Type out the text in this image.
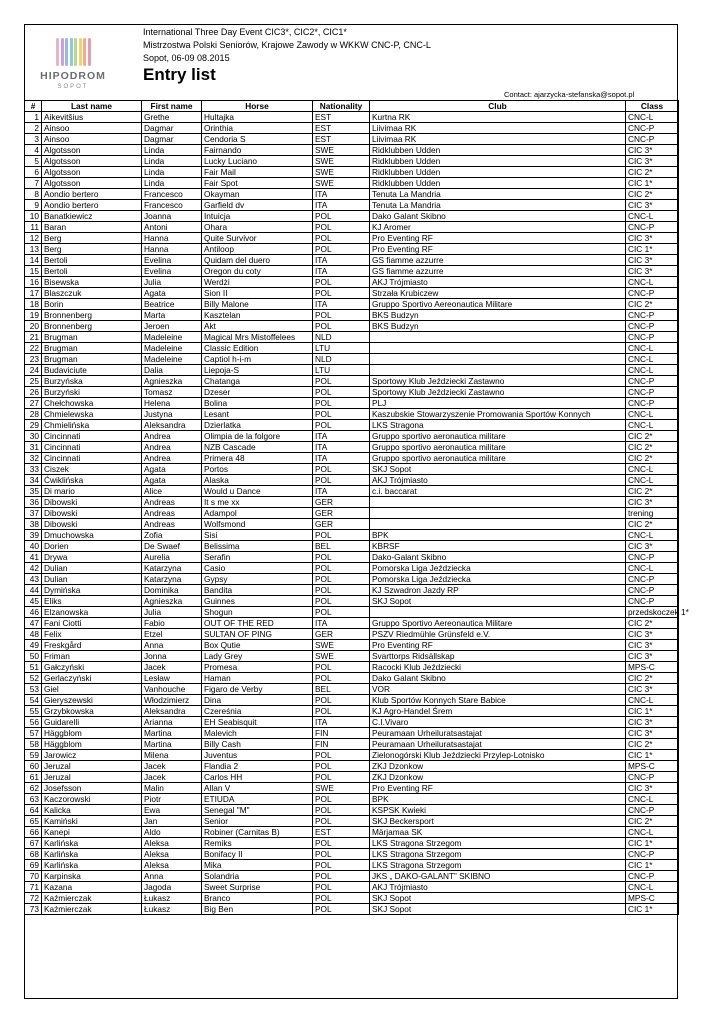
HIPODROM
SOPOT
International Three Day Event CIC3*, CIC2*, CIC1*
Mistrzostwa Polski Seniorów, Krajowe Zawody w WKKW CNC-P, CNC-L
Sopot, 06-09 08.2015
Entry list
Contact: ajarzycka-stefanska@sopot.pl
#	Last name	First name	Horse	Nationality	Club	Class
1	Aikevitšius	Grethe	Hultajka	EST	Kurtna RK	CNC-L
2	Ainsoo	Dagmar	Orinthia	EST	Liivimaa RK	CNC-P
3	Ainsoo	Dagmar	Cendoria S	EST	Liivimaa RK	CNC-P
4	Algotsson	Linda	Fairnando	SWE	Ridklubben Udden	CIC 3*
5	Algotsson	Linda	Lucky Luciano	SWE	Ridklubben Udden	CIC 3*
6	Algotsson	Linda	Fair Mail	SWE	Ridklubben Udden	CIC 2*
7	Algotsson	Linda	Fair Spot	SWE	Ridklubben Udden	CIC 1*
8	Aondio bertero	Francesco	Okayman	ITA	Tenuta La Mandria	CIC 2*
9	Aondio bertero	Francesco	Garfield dv	ITA	Tenuta La Mandria	CIC 3*
10	Banatkiewicz	Joanna	Intuicja	POL	Dako Galant Skibno	CNC-L
11	Baran	Antoni	Ohara	POL	KJ Aromer	CNC-P
12	Berg	Hanna	Quite Survivor	POL	Pro Eventing RF	CIC 3*
13	Berg	Hanna	Antiloop	POL	Pro Eventing RF	CIC 1*
14	Bertoli	Evelina	Quidam del duero	ITA	GS fiamme azzurre	CIC 3*
15	Bertoli	Evelina	Oregon du coty	ITA	GS fiamme azzurre	CIC 3*
16	Bisewska	Julia	Werdżi	POL	AKJ Trójmiasto	CNC-L
17	Blaszczuk	Agata	Sion II	POL	Strzała Krubiczew	CNC-P
18	Borin	Beatrice	Billy Malone	ITA	Gruppo Sportivo Aereonautica Militare	CIC 2*
19	Bronnenberg	Marta	Kasztelan	POL	BKS Budzyn	CNC-P
20	Bronnenberg	Jeroen	Akt	POL	BKS Budzyn	CNC-P
21	Brugman	Madeleine	Magical Mrs Mistoffelees	NLD		CNC-P
22	Brugman	Madeleine	Classic Edition	LTU		CNC-L
23	Brugman	Madeleine	Captiol h-i-m	NLD		CNC-L
24	Budaviciute	Dalia	Liepoja-S	LTU		CNC-L
25	Burzyńska	Agnieszka	Chatanga	POL	Sportowy Klub Jeździecki Zastawno	CNC-P
26	Burzyński	Tomasz	Dzeser	POL	Sportowy Klub Jeździecki Zastawno	CNC-P
27	Chełchowska	Helena	Bolina	POL	PLJ	CNC-P
28	Chmielewska	Justyna	Lesant	POL	Kaszubskie Stowarzyszenie Promowania Sportów Konnych	CNC-L
29	Chmielińska	Aleksandra	Dzierlatka	POL	LKS Stragona	CNC-L
30	Cincinnati	Andrea	Olimpia de la folgore	ITA	Gruppo sportivo aeronautica militare	CIC 2*
31	Cincinnati	Andrea	NZB Cascade	ITA	Gruppo sportivo aeronautica militare	CIC 2*
32	Cincinnati	Andrea	Primera 48	ITA	Gruppo sportivo aeronautica militare	CIC 2*
33	Ciszek	Agata	Portos	POL	SKJ Sopot	CNC-L
34	Ćwiklińska	Agata	Alaska	POL	AKJ Trójmiasto	CNC-L
35	Di mario	Alice	Would u Dance	ITA	c.i. baccarat	CIC 2*
36	Dibowski	Andreas	It s me xx	GER		CIC 3*
37	Dibowski	Andreas	Adampol	GER		trening
38	Dibowski	Andreas	Wolfsmond	GER		CIC 2*
39	Dmuchowska	Zofia	Sisi	POL	BPK	CNC-L
40	Dorien	De Swaef	Belissima	BEL	KBRSF	CIC 3*
41	Drywa	Aurelia	Serafin	POL	Dako-Galant Skibno	CNC-P
42	Dulian	Katarzyna	Casio	POL	Pomorska Liga Jeździecka	CNC-L
43	Dulian	Katarzyna	Gypsy	POL	Pomorska Liga Jeździecka	CNC-P
44	Dymińska	Dominika	Bandita	POL	KJ Szwadron Jazdy RP	CNC-P
45	Eliks	Agnieszka	Guinnes	POL	SKJ Sopot	CNC-P
46	Elzanowska	Julia	Shogun	POL		przedskoczek 1*
47	Fani Ciotti	Fabio	OUT OF THE RED	ITA	Gruppo Sportivo Aereonautica Militare	CIC 2*
48	Felix	Etzel	SULTAN OF PING	GER	PSZV Riedmühle Grünsfeld e.V.	CIC 3*
49	Freskgård	Anna	Box Qutie	SWE	Pro Eventing RF	CIC 3*
50	Friman	Jonna	Lady Grey	SWE	Svarttorps Ridsällskap	CIC 3*
51	Gałczyński	Jacek	Promesa	POL	Racocki Klub Jeździecki	MPS-C
52	Gerlaczyński	Lesław	Haman	POL	Dako Galant Skibno	CIC 2*
53	Giel	Vanhouche	Figaro de Verby	BEL	VOR	CIC 3*
54	Gieryszewski	Włodzimierz	Dina	POL	Klub Sportów Konnych Stare Babice	CNC-L
55	Grzybkowska	Aleksandra	Czereśnia	POL	KJ Agro-Handel Śrem	CIC 1*
56	Guidarelli	Arianna	EH Seabisquit	ITA	C.I.Vivaro	CIC 3*
57	Häggblom	Martina	Malevich	FIN	Peuramaan Urheiluratsastajat	CIC 3*
58	Häggblom	Martina	Billy Cash	FIN	Peuramaan Urheiluratsastajat	CIC 2*
59	Jarowicz	Milena	Juventus	POL	Zielonogórski Klub Jeździecki Przylep-Lotnisko	CIC 1*
60	Jeruzal	Jacek	Flandia 2	POL	ZKJ Dzonkow	MPS-C
61	Jeruzal	Jacek	Carlos HH	POL	ZKJ Dzonkow	CNC-P
62	Josefsson	Malin	Allan V	SWE	Pro Eventing RF	CIC 3*
63	Kaczorowski	Piotr	ETIUDA	POL	BPK	CNC-L
64	Kalicka	Ewa	Senegal "M"	POL	KSPSK Kwieki	CNC-P
65	Kamiński	Jan	Senior	POL	SKJ Beckersport	CIC 2*
66	Kanepi	Aldo	Robiner (Carnitas B)	EST	Märjamaa SK	CNC-L
67	Karlińska	Aleksa	Remiks	POL	LKS Stragona Strzegom	CIC 1*
68	Karlińska	Aleksa	Bonifacy II	POL	LKS Stragona Strzegom	CNC-P
69	Karlińska	Aleksa	Mika	POL	LKS Stragona Strzegom	CIC 1*
70	Karpinska	Anna	Solandria	POL	JKS „ DAKO-GALANT” SKIBNO	CNC-P
71	Kazana	Jagoda	Sweet Surprise	POL	AKJ Trójmiasto	CNC-L
72	Kaźmierczak	Łukasz	Branco	POL	SKJ Sopot	MPS-C
73	Kaźmierczak	Łukasz	Big Ben	POL	SKJ Sopot	CIC 1*
